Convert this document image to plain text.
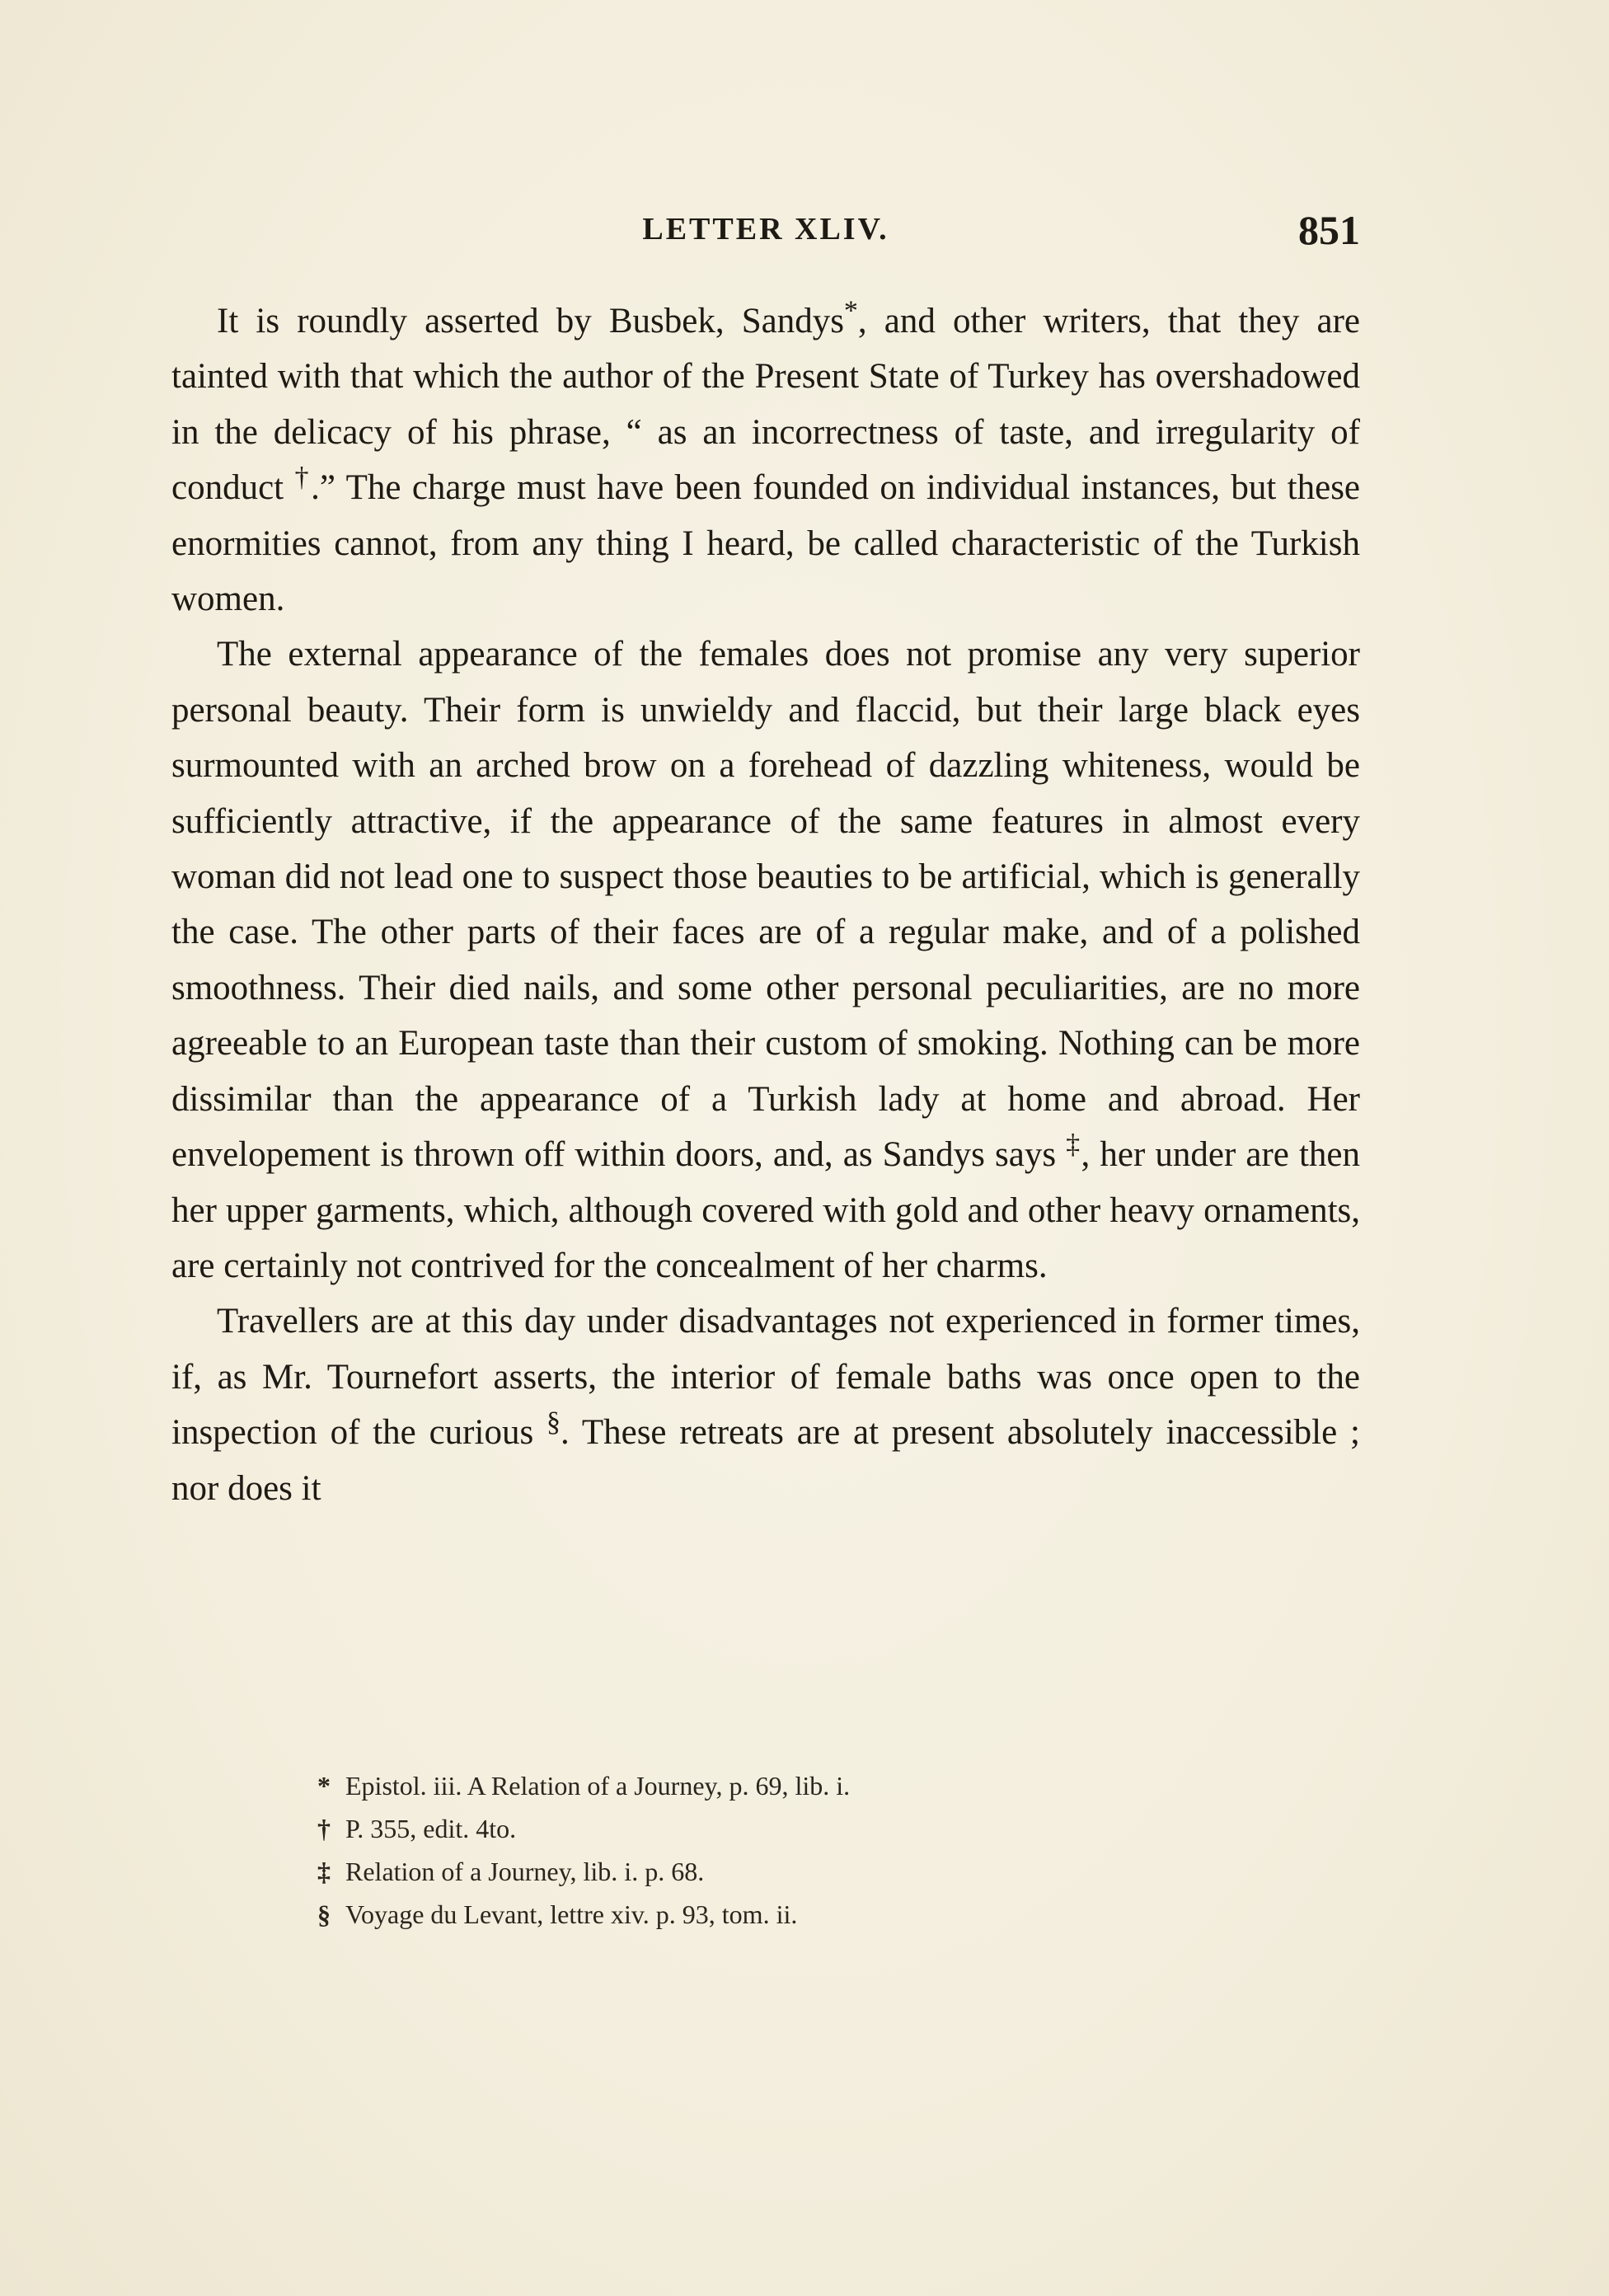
LETTER XLIV.	851

It is roundly asserted by Busbek, Sandys*, and other writers, that they are tainted with that which the author of the Present State of Turkey has overshadowed in the delicacy of his phrase, “ as an incorrectness of taste, and irregularity of conduct †.” The charge must have been founded on individual instances, but these enormities cannot, from any thing I heard, be called characteristic of the Turkish women.

The external appearance of the females does not promise any very superior personal beauty. Their form is unwieldy and flaccid, but their large black eyes surmounted with an arched brow on a forehead of dazzling whiteness, would be sufficiently attractive, if the appearance of the same features in almost every woman did not lead one to suspect those beauties to be artificial, which is generally the case. The other parts of their faces are of a regular make, and of a polished smoothness. Their died nails, and some other personal peculiarities, are no more agreeable to an European taste than their custom of smoking. Nothing can be more dissimilar than the appearance of a Turkish lady at home and abroad. Her envelopement is thrown off within doors, and, as Sandys says ‡, her under are then her upper garments, which, although covered with gold and other heavy ornaments, are certainly not contrived for the concealment of her charms.

Travellers are at this day under disadvantages not experienced in former times, if, as Mr. Tournefort asserts, the interior of female baths was once open to the inspection of the curious §. These retreats are at present absolutely inaccessible ; nor does it

* Epistol. iii. A Relation of a Journey, p. 69, lib. i.
† P. 355, edit. 4to.
‡ Relation of a Journey, lib. i. p. 68.
§ Voyage du Levant, lettre xiv. p. 93, tom. ii.
